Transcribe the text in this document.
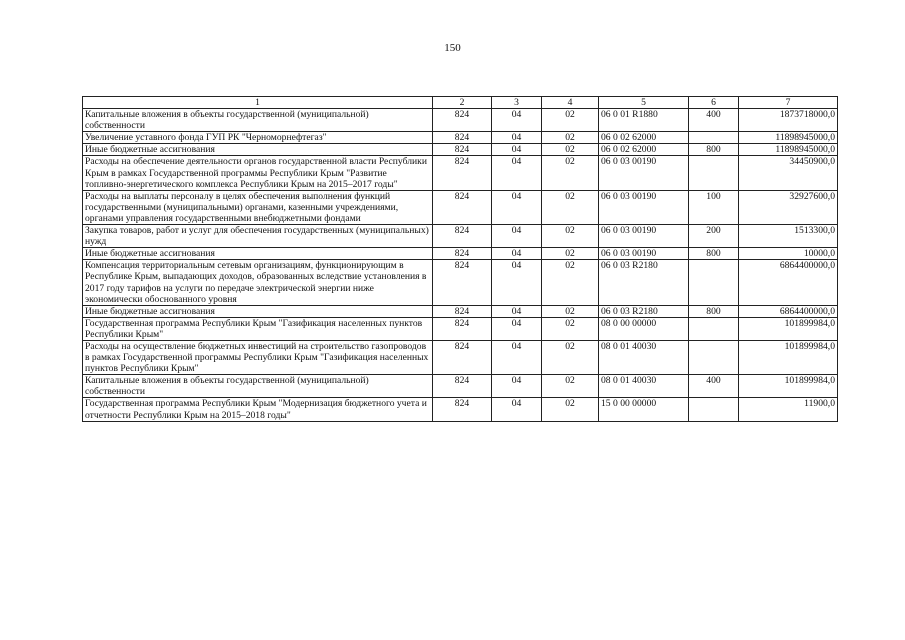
150
1	2	3	4	5	6	7
Капитальные вложения в объекты государственной (муниципальной) собственности	824	04	02	06 0 01 R1880	400	1873718000,0
Увеличение уставного фонда ГУП РК "Черноморнефтегаз"	824	04	02	06 0 02 62000		11898945000,0
Иные бюджетные ассигнования	824	04	02	06 0 02 62000	800	11898945000,0
Расходы на обеспечение деятельности органов государственной власти Республики Крым в рамках Государственной программы Республики Крым "Развитие топливно-энергетического комплекса Республики Крым на 2015–2017 годы"	824	04	02	06 0 03 00190		34450900,0
Расходы на выплаты персоналу в целях обеспечения выполнения функций государственными (муниципальными) органами, казенными учреждениями, органами управления государственными внебюджетными фондами	824	04	02	06 0 03 00190	100	32927600,0
Закупка товаров, работ и услуг для обеспечения государственных (муниципальных) нужд	824	04	02	06 0 03 00190	200	1513300,0
Иные бюджетные ассигнования	824	04	02	06 0 03 00190	800	10000,0
Компенсация территориальным сетевым организациям, функционирующим в Республике Крым, выпадающих доходов, образованных вследствие установления в 2017 году тарифов на услуги по передаче электрической энергии ниже экономически обоснованного уровня	824	04	02	06 0 03 R2180		6864400000,0
Иные бюджетные ассигнования	824	04	02	06 0 03 R2180	800	6864400000,0
Государственная программа Республики Крым "Газификация населенных пунктов Республики Крым"	824	04	02	08 0 00 00000		101899984,0
Расходы на осуществление бюджетных инвестиций на строительство газопроводов в рамках Государственной программы Республики Крым "Газификация населенных пунктов Республики Крым"	824	04	02	08 0 01 40030		101899984,0
Капитальные вложения в объекты государственной (муниципальной) собственности	824	04	02	08 0 01 40030	400	101899984,0
Государственная программа Республики Крым "Модернизация бюджетного учета и отчетности Республики Крым на 2015–2018 годы"	824	04	02	15 0 00 00000		11900,0
